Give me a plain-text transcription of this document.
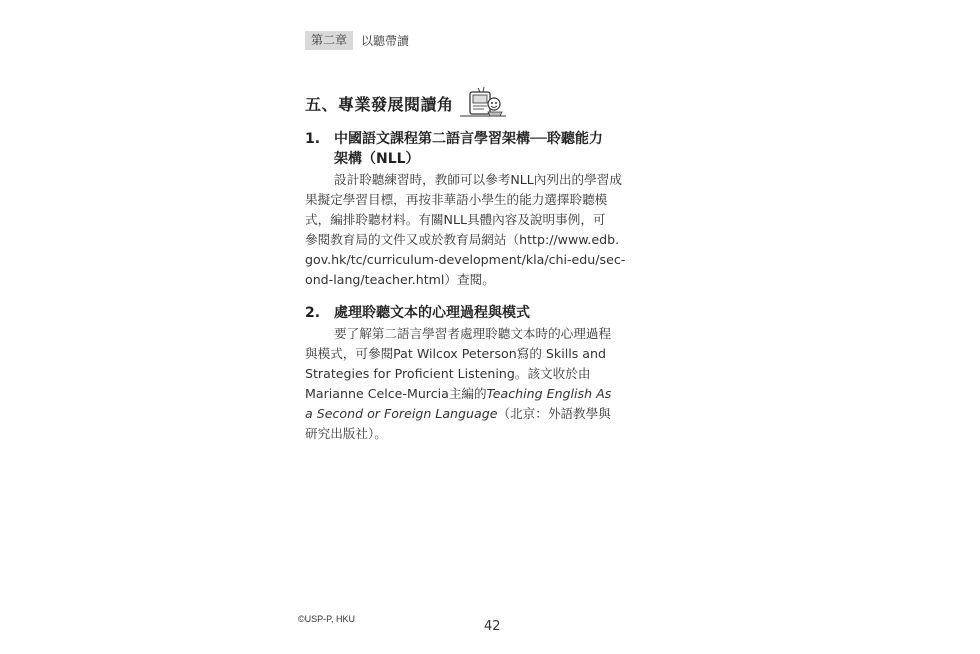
第二章	以聽帶讀
五、專業發展閱讀角
1. 中國語文課程第二語言學習架構──聆聽能力
架構（NLL）
設計聆聽練習時，教師可以參考NLL內列出的學習成
果擬定學習目標，再按非華語小學生的能力選擇聆聽模
式，編排聆聽材料。有關NLL具體內容及說明事例，可
參閱教育局的文件又或於教育局網站（http://www.edb.
gov.hk/tc/curriculum-development/kla/chi-edu/sec-
ond-lang/teacher.html）查閱。
2. 處理聆聽文本的心理過程與模式
要了解第二語言學習者處理聆聽文本時的心理過程
與模式，可參閱Pat Wilcox Peterson寫的 Skills and
Strategies for Proficient Listening。該文收於由
Marianne Celce-Murcia主編的Teaching English As
a Second or Foreign Language（北京：外語教學與
研究出版社）。
©USP-P, HKU	42
